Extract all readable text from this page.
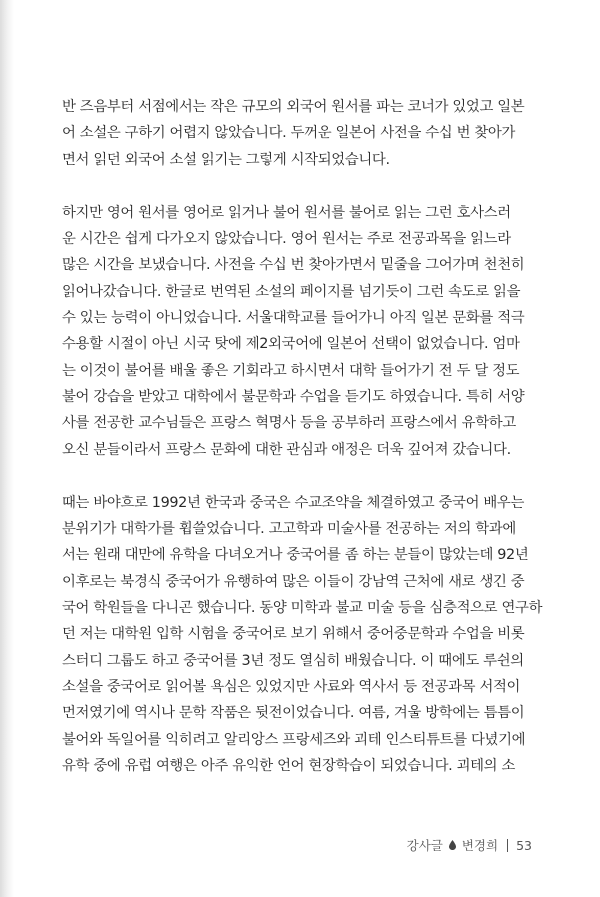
반 즈음부터 서점에서는 작은 규모의 외국어 원서를 파는 코너가 있었고 일본
어 소설은 구하기 어렵지 않았습니다. 두꺼운 일본어 사전을 수십 번 찾아가
면서 읽던 외국어 소설 읽기는 그렇게 시작되었습니다.
하지만 영어 원서를 영어로 읽거나 불어 원서를 불어로 읽는 그런 호사스러
운 시간은 쉽게 다가오지 않았습니다. 영어 원서는 주로 전공과목을 읽느라
많은 시간을 보냈습니다. 사전을 수십 번 찾아가면서 밑줄을 그어가며 천천히
읽어나갔습니다. 한글로 번역된 소설의 페이지를 넘기듯이 그런 속도로 읽을
수 있는 능력이 아니었습니다. 서울대학교를 들어가니 아직 일본 문화를 적극
수용할 시절이 아닌 시국 탓에 제2외국어에 일본어 선택이 없었습니다. 엄마
는 이것이 불어를 배울 좋은 기회라고 하시면서 대학 들어가기 전 두 달 정도
불어 강습을 받았고 대학에서 불문학과 수업을 듣기도 하였습니다. 특히 서양
사를 전공한 교수님들은 프랑스 혁명사 등을 공부하러 프랑스에서 유학하고
오신 분들이라서 프랑스 문화에 대한 관심과 애정은 더욱 깊어져 갔습니다.
때는 바야흐로 1992년 한국과 중국은 수교조약을 체결하였고 중국어 배우는
분위기가 대학가를 휩쓸었습니다. 고고학과 미술사를 전공하는 저의 학과에
서는 원래 대만에 유학을 다녀오거나 중국어를 좀 하는 분들이 많았는데 92년
이후로는 북경식 중국어가 유행하여 많은 이들이 강남역 근처에 새로 생긴 중
국어 학원들을 다니곤 했습니다. 동양 미학과 불교 미술 등을 심층적으로 연구하
던 저는 대학원 입학 시험을 중국어로 보기 위해서 중어중문학과 수업을 비롯
스터디 그룹도 하고 중국어를 3년 정도 열심히 배웠습니다. 이 때에도 루쉰의
소설을 중국어로 읽어볼 욕심은 있었지만 사료와 역사서 등 전공과목 서적이
먼저였기에 역시나 문학 작품은 뒷전이었습니다. 여름, 겨울 방학에는 틈틈이
불어와 독일어를 익히려고 알리앙스 프랑세즈와 괴테 인스티튜트를 다녔기에
유학 중에 유럽 여행은 아주 유익한 언어 현장학습이 되었습니다. 괴테의 소
강사글 변경희 53
